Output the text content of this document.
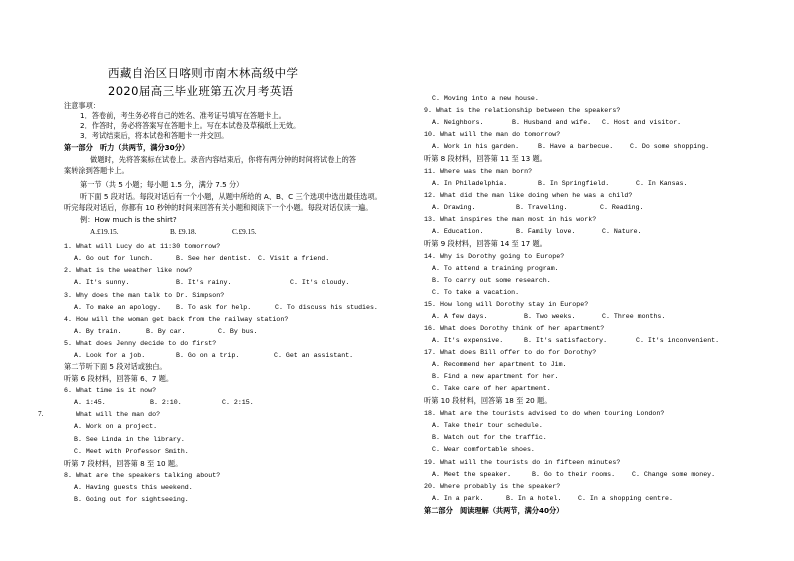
西藏自治区日喀则市南木林高级中学
2020届高三毕业班第五次月考英语
注意事项：
1．答卷前，考生务必将自己的姓名、准考证号填写在答题卡上。
2．作答时，务必将答案写在答题卡上。写在本试卷及草稿纸上无效。
3．考试结束后，将本试卷和答题卡一并交回。
第一部分　听力（共两节，满分30分）
做题时，先将答案标在试卷上。录音内容结束后，你将有两分钟的时间将试卷上的答
案转涂到答题卡上。
第一节（共 5 小题；每小题 1.5 分，满分 7.5 分）
听下面 5 段对话。每段对话后有一个小题，从题中所给的 A、B、C 三个选项中选出最佳选项。
听完每段对话后，你都有 10 秒钟的时间来回答有关小题和阅读下一个小题。每段对话仅读一遍。
例：How much is the shirt?
A.£19.15.	B. £9.18.	C.£9.15.
1. What will Lucy do at 11:30 tomorrow?
A. Go out for lunch.	B. See her dentist. C. Visit a friend.
2. What is the weather like now?
A. It's sunny.	B. It's rainy.	C. It's cloudy.
3. Why does the man talk to Dr. Simpson?
A. To make an apology. B. To ask for help.	C. To discuss his studies.
4. How will the woman get back from the railway station?
A. By train.	B. By car.	C. By bus.
5. What does Jenny decide to do first?
A. Look for a job.	B. Go on a trip.	C. Get an assistant.
第二节听下面 5 段对话或独白。
听第 6 段材料，回答第 6、7 题。
6. What time is it now?
A. 1:45.	B. 2:10.	C. 2:15.
7.	What will the man do?
A. Work on a project.
B. See Linda in the library.
C. Meet with Professor Smith.
听第 7 段材料，回答第 8 至 10 题。
8. What are the speakers talking about?
A. Having guests this weekend.
B. Going out for sightseeing.
C. Moving into a new house.
9. What is the relationship between the speakers?
A. Neighbors.	B. Husband and wife. C. Host and visitor.
10. What will the man do tomorrow?
A. Work in his garden.	B. Have a barbecue.	C. Do some shopping.
听第 8 段材料，回答第 11 至 13 题。
11. Where was the man born?
A. In Philadelphia.	B. In Springfield.	C. In Kansas.
12. What did the man like doing when he was a child?
A. Drawing.	B. Traveling.	C. Reading.
13. What inspires the man most in his work?
A. Education.	B. Family love.	C. Nature.
听第 9 段材料，回答第 14 至 17 题。
14. Why is Dorothy going to Europe?
A. To attend a training program.
B. To carry out some research.
C. To take a vacation.
15. How long will Dorothy stay in Europe?
A. A few days.	B. Two weeks.	C. Three months.
16. What does Dorothy think of her apartment?
A. It's expensive.	B. It's satisfactory.	C. It's inconvenient.
17. What does Bill offer to do for Dorothy?
A. Recommend her apartment to Jim.
B. Find a new apartment for her.
C. Take care of her apartment.
听第 10 段材料，回答第 18 至 20 题。
18. What are the tourists advised to do when touring London?
A. Take their tour schedule.
B. Watch out for the traffic.
C. Wear comfortable shoes.
19. What will the tourists do in fifteen minutes?
A. Meet the speaker.	B. Go to their rooms.	C. Change some money.
20. Where probably is the speaker?
A. In a park.	B. In a hotel.	C. In a shopping centre.
第二部分　阅读理解（共两节，满分40分）
